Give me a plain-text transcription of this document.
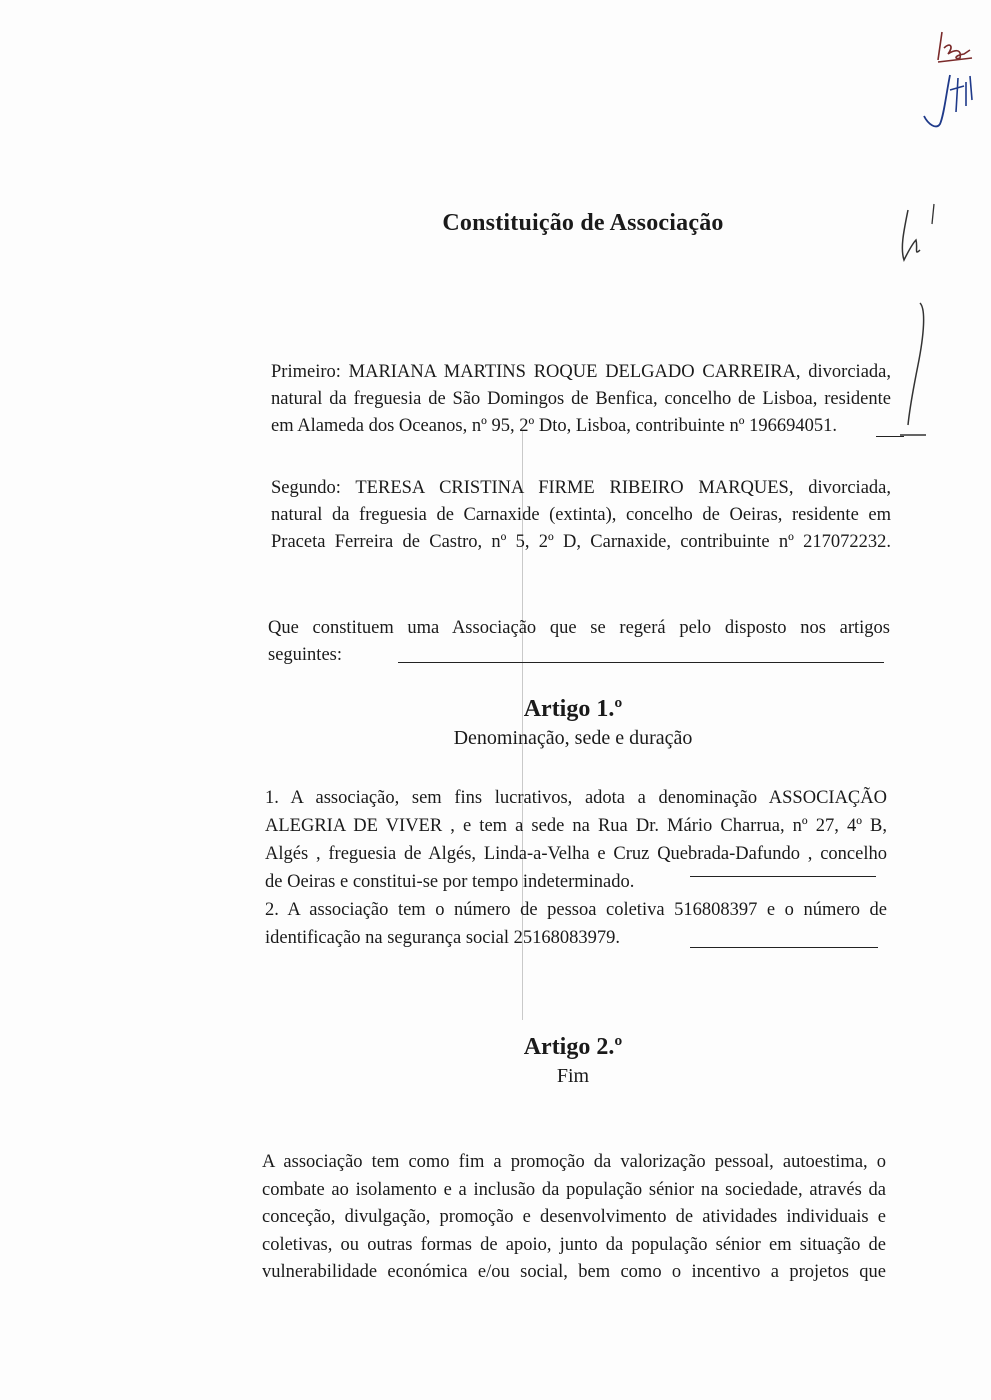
Constituição de Associação
Primeiro: MARIANA MARTINS ROQUE DELGADO CARREIRA, divorciada,
natural da freguesia de São Domingos de Benfica, concelho de Lisboa, residente
em Alameda dos Oceanos, nº 95, 2º Dto, Lisboa, contribuinte nº 196694051.
Segundo: TERESA CRISTINA FIRME RIBEIRO MARQUES, divorciada,
natural da freguesia de Carnaxide (extinta), concelho de Oeiras, residente em
Praceta Ferreira de Castro, nº 5, 2º D, Carnaxide, contribuinte nº 217072232.
Que constituem uma Associação que se regerá pelo disposto nos artigos
seguintes:
Artigo 1.º
Denominação, sede e duração
1. A associação, sem fins lucrativos, adota a denominação ASSOCIAÇÃO
ALEGRIA DE VIVER , e tem a sede na Rua Dr. Mário Charrua, nº 27, 4º B,
Algés , freguesia de Algés, Linda-a-Velha e Cruz Quebrada-Dafundo , concelho
de Oeiras e constitui-se por tempo indeterminado.
2. A associação tem o número de pessoa coletiva 516808397 e o número de
identificação na segurança social 25168083979.
Artigo 2.º
Fim
A associação tem como fim a promoção da valorização pessoal, autoestima, o
combate ao isolamento e a inclusão da população sénior na sociedade, através da
conceção, divulgação, promoção e desenvolvimento de atividades individuais e
coletivas, ou outras formas de apoio, junto da população sénior em situação de
vulnerabilidade económica e/ou social, bem como o incentivo a projetos que
